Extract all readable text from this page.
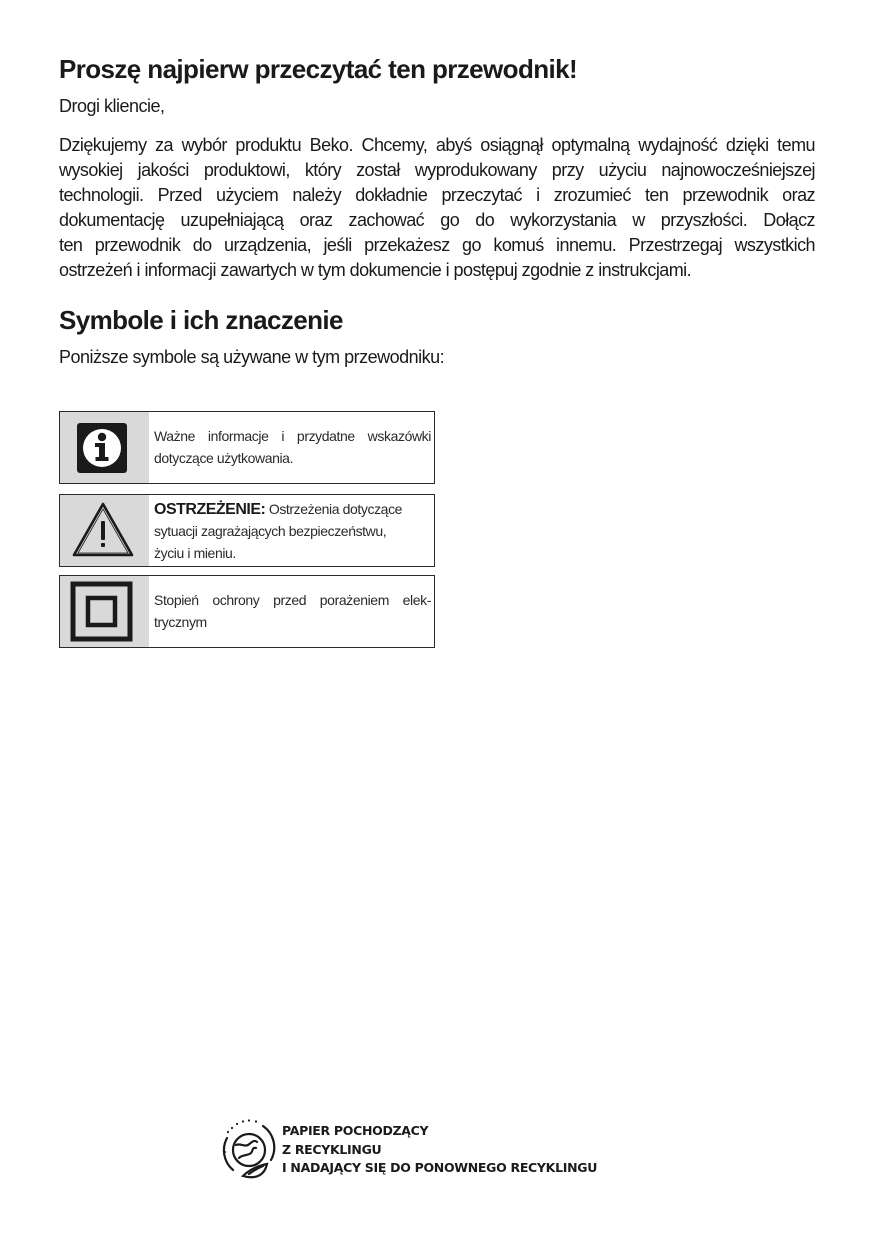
Proszę najpierw przeczytać ten przewodnik!

Drogi kliencie,

Dziękujemy za wybór produktu Beko. Chcemy, abyś osiągnął optymalną wydajność dzięki temu
wysokiej jakości produktowi, który został wyprodukowany przy użyciu najnowocześniejszej
technologii. Przed użyciem należy dokładnie przeczytać i zrozumieć ten przewodnik oraz
dokumentację uzupełniającą oraz zachować go do wykorzystania w przyszłości. Dołącz
ten przewodnik do urządzenia, jeśli przekażesz go komuś innemu. Przestrzegaj wszystkich
ostrzeżeń i informacji zawartych w tym dokumencie i postępuj zgodnie z instrukcjami.
Symbole i ich znaczenie

Poniższe symbole są używane w tym przewodniku:

Ważne informacje i przydatne wskazówki
dotyczące użytkowania.
OSTRZEŻENIE: Ostrzeżenia dotyczące
sytuacji zagrażających bezpieczeństwu,
życiu i mieniu.
Stopień ochrony przed porażeniem elek-
trycznym
PAPIER POCHODZĄCY
Z RECYKLINGU
I NADAJĄCY SIĘ DO PONOWNEGO RECYKLINGU
